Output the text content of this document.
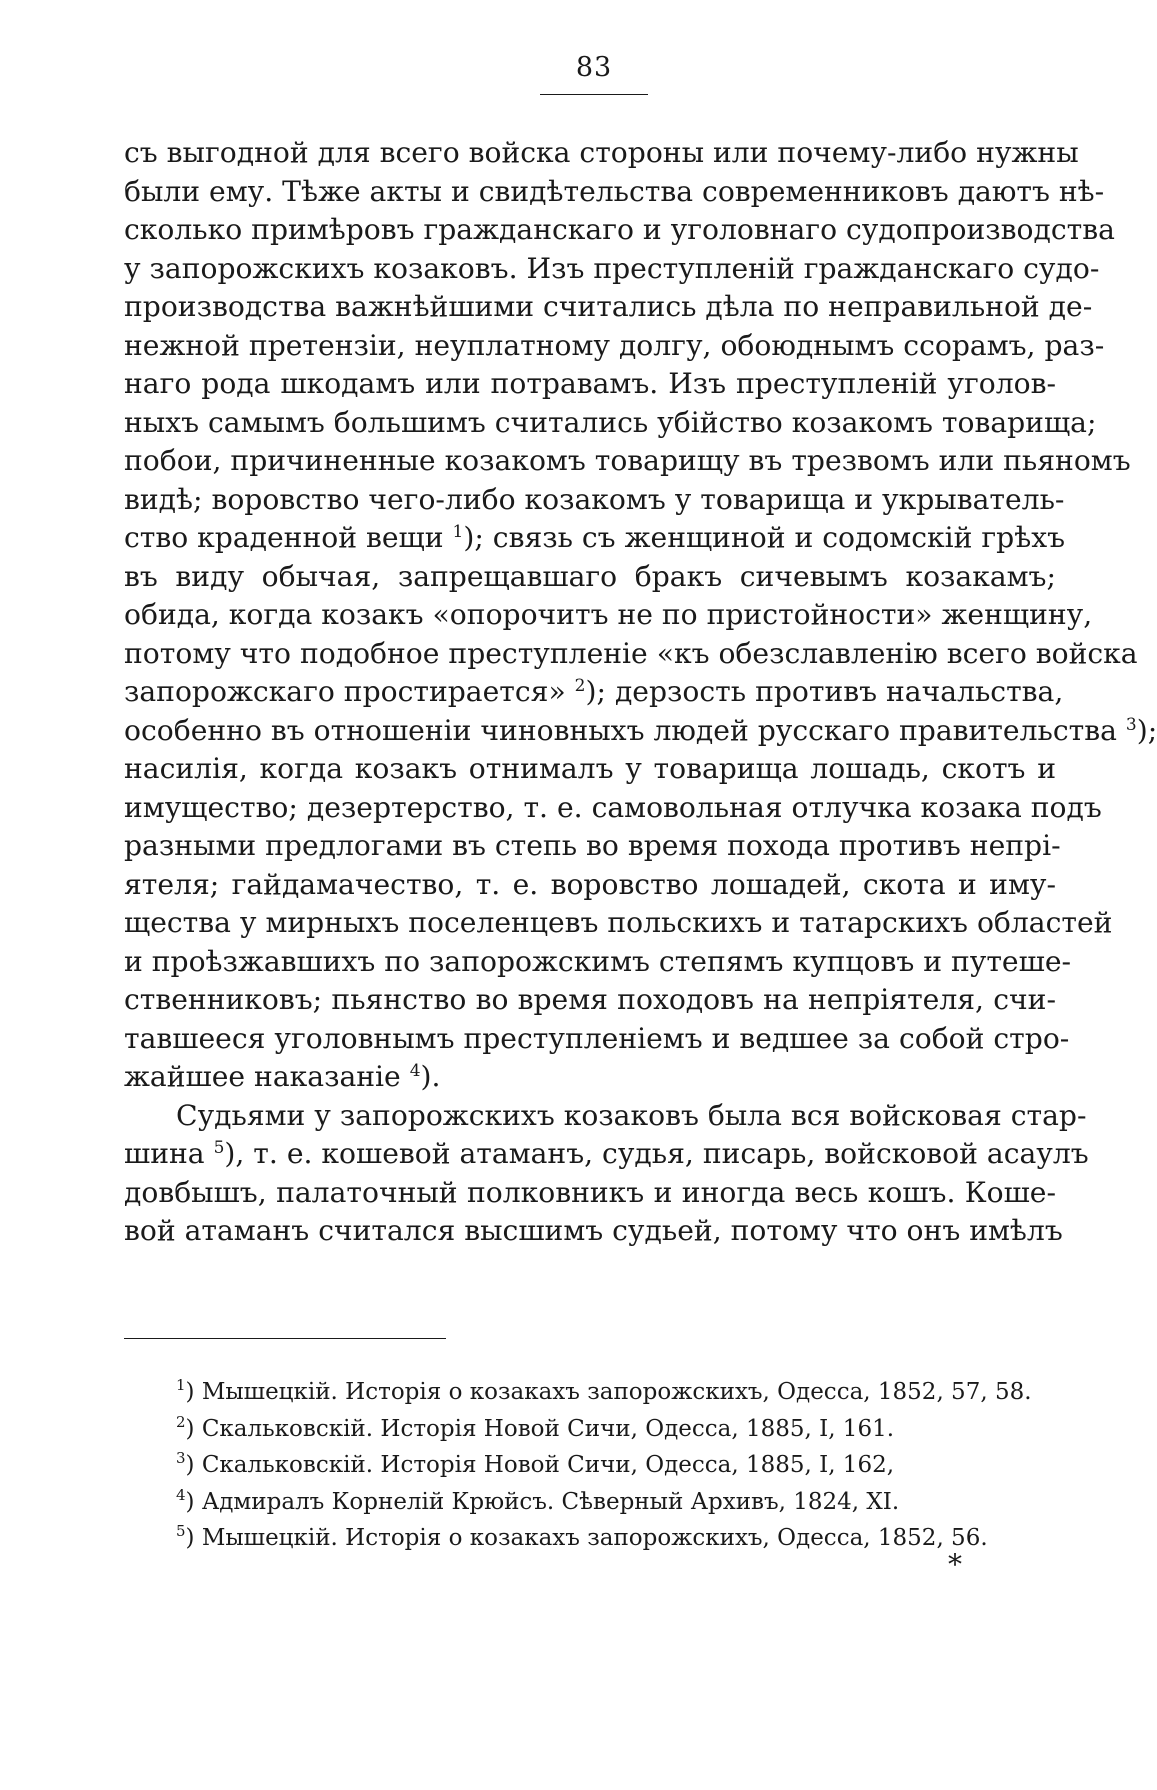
83
съ выгодной для всего войска стороны или почему-либо нужны
были ему. Тѣже акты и свидѣтельства современниковъ даютъ нѣ-
сколько примѣровъ гражданскаго и уголовнаго судопроизводства
у запорожскихъ козаковъ. Изъ преступленій гражданскаго судо-
производства важнѣйшими считались дѣла по неправильной де-
нежной претензіи, неуплатному долгу, обоюднымъ ссорамъ, раз-
наго рода шкодамъ или потравамъ. Изъ преступленій уголов-
ныхъ самымъ большимъ считались убійство козакомъ товарища;
побои, причиненные козакомъ товарищу въ трезвомъ или пьяномъ
видѣ; воровство чего-либо козакомъ у товарища и укрыватель-
ство краденной вещи $^1$); связь съ женщиной и содомскій грѣхъ
въ виду обычая, запрещавшаго бракъ сичевымъ козакамъ;
обида, когда козакъ «опорочитъ не по пристойности» женщину,
потому что подобное преступленіе «къ обезславленію всего войска
запорожскаго простирается» $^2$); дерзость противъ начальства,
особенно въ отношеніи чиновныхъ людей русскаго правительства $^3$);
насилія, когда козакъ отнималъ у товарища лошадь, скотъ и
имущество; дезертерство, т. е. самовольная отлучка козака подъ
разными предлогами въ степь во время похода противъ непрі-
ятеля; гайдамачество, т. е. воровство лошадей, скота и иму-
щества у мирныхъ поселенцевъ польскихъ и татарскихъ областей
и проѣзжавшихъ по запорожскимъ степямъ купцовъ и путеше-
ственниковъ; пьянство во время походовъ на непріятеля, счи-
тавшееся уголовнымъ преступленіемъ и ведшее за собой стро-
жайшее наказаніе $^4$).
Судьями у запорожскихъ козаковъ была вся войсковая стар-
шина $^5$), т. е. кошевой атаманъ, судья, писарь, войсковой асаулъ
довбышъ, палаточный полковникъ и иногда весь кошъ. Коше-
вой атаманъ считался высшимъ судьей, потому что онъ имѣлъ
$^1$) Мышецкій. Исторія о козакахъ запорожскихъ, Одесса, 1852, 57, 58.
$^2$) Скальковскій. Исторія Новой Сичи, Одесса, 1885, I, 161.
$^3$) Скальковскій. Исторія Новой Сичи, Одесса, 1885, I, 162,
$^4$) Адмиралъ Корнелій Крюйсъ. Сѣверный Архивъ, 1824, XI.
$^5$) Мышецкій. Исторія о козакахъ запорожскихъ, Одесса, 1852, 56.
*
